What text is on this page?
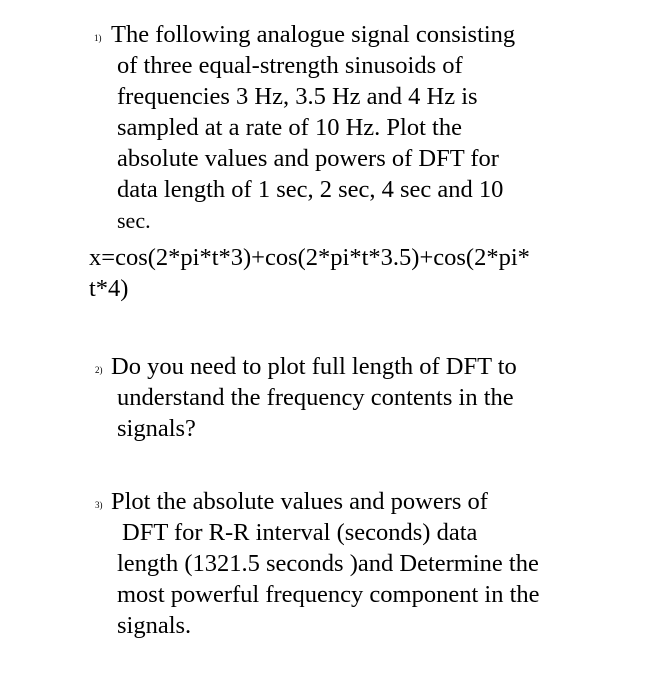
1) The following analogue signal consisting
of three equal-strength sinusoids of
frequencies 3 Hz, 3.5 Hz and 4 Hz is
sampled at a rate of 10 Hz. Plot the
absolute values and powers of DFT for
data length of 1 sec, 2 sec, 4 sec and 10
sec.
x=cos(2*pi*t*3)+cos(2*pi*t*3.5)+cos(2*pi*
t*4)
2) Do you need to plot full length of DFT to
understand the frequency contents in the
signals?
3) Plot the absolute values and powers of
DFT for R-R interval (seconds) data
length (1321.5 seconds )and Determine the
most powerful frequency component in the
signals.
